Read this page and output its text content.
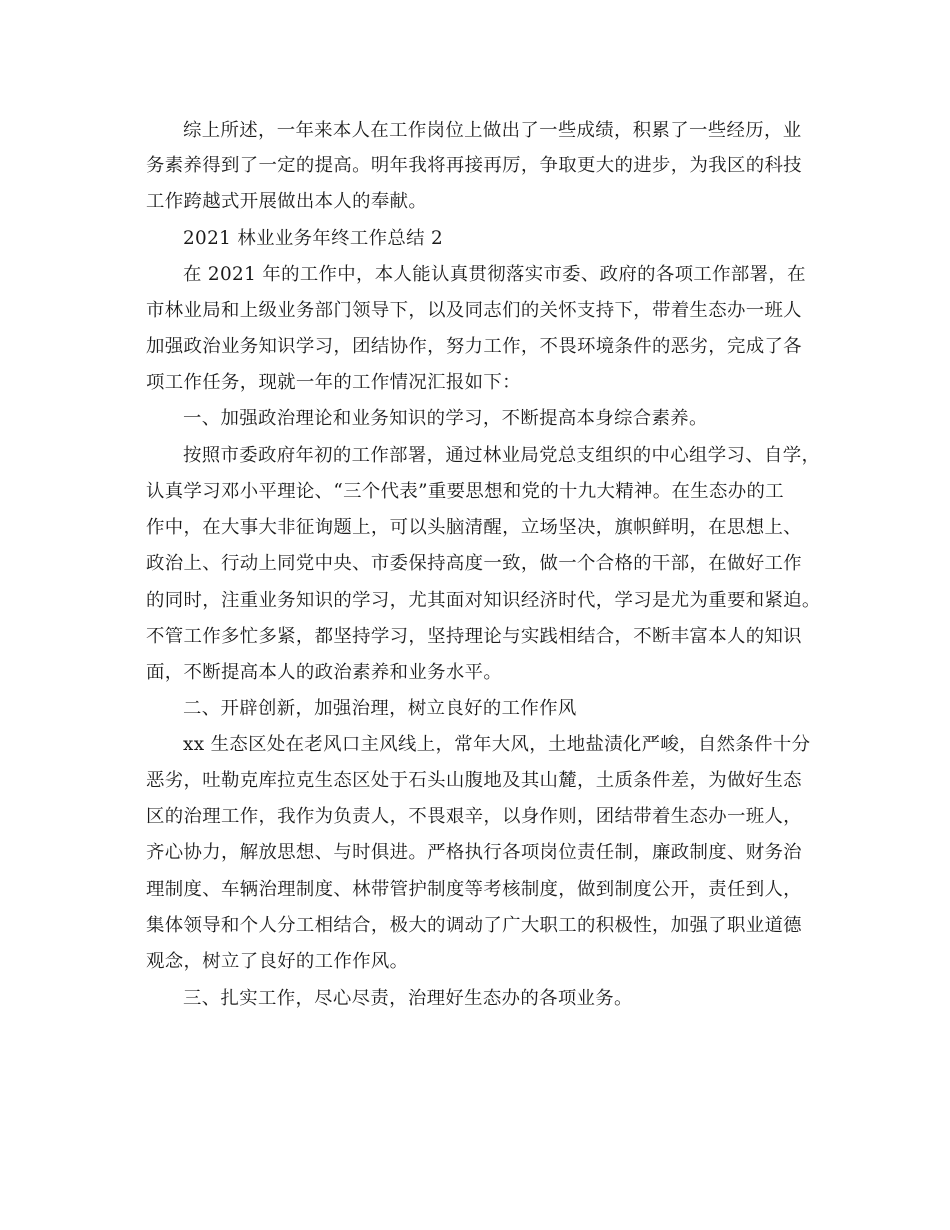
综上所述，一年来本人在工作岗位上做出了一些成绩，积累了一些经历，业
务素养得到了一定的提高。明年我将再接再厉，争取更大的进步，为我区的科技
工作跨越式开展做出本人的奉献。
2021 林业业务年终工作总结 2
在 2021 年的工作中，本人能认真贯彻落实市委、政府的各项工作部署，在
市林业局和上级业务部门领导下，以及同志们的关怀支持下，带着生态办一班人
加强政治业务知识学习，团结协作，努力工作，不畏环境条件的恶劣，完成了各
项工作任务，现就一年的工作情况汇报如下：
一、加强政治理论和业务知识的学习，不断提高本身综合素养。
按照市委政府年初的工作部署，通过林业局党总支组织的中心组学习、自学，
认真学习邓小平理论、“三个代表”重要思想和党的十九大精神。在生态办的工
作中，在大事大非征询题上，可以头脑清醒，立场坚决，旗帜鲜明，在思想上、
政治上、行动上同党中央、市委保持高度一致，做一个合格的干部，在做好工作
的同时，注重业务知识的学习，尤其面对知识经济时代，学习是尤为重要和紧迫。
不管工作多忙多紧，都坚持学习，坚持理论与实践相结合，不断丰富本人的知识
面，不断提高本人的政治素养和业务水平。
二、开辟创新，加强治理，树立良好的工作作风
xx 生态区处在老风口主风线上，常年大风，土地盐渍化严峻，自然条件十分
恶劣，吐勒克库拉克生态区处于石头山腹地及其山麓，土质条件差，为做好生态
区的治理工作，我作为负责人，不畏艰辛，以身作则，团结带着生态办一班人，
齐心协力，解放思想、与时俱进。严格执行各项岗位责任制，廉政制度、财务治
理制度、车辆治理制度、林带管护制度等考核制度，做到制度公开，责任到人，
集体领导和个人分工相结合，极大的调动了广大职工的积极性，加强了职业道德
观念，树立了良好的工作作风。
三、扎实工作，尽心尽责，治理好生态办的各项业务。
